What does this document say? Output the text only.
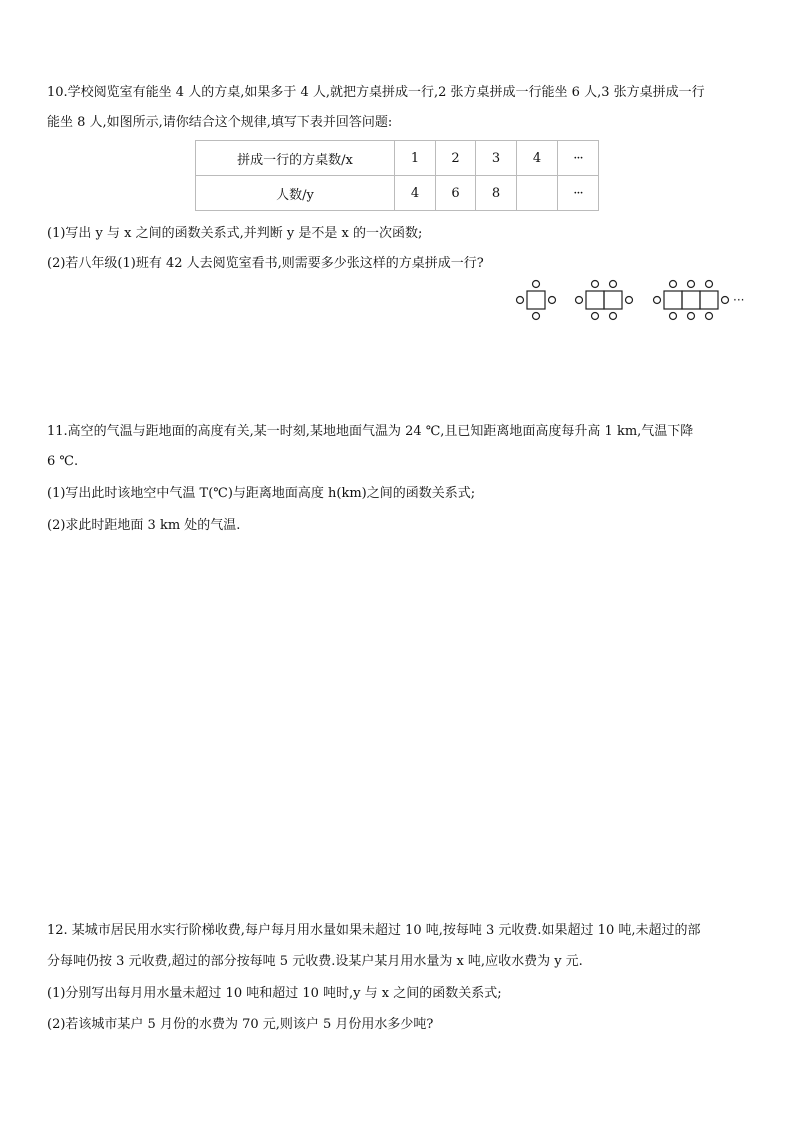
10.学校阅览室有能坐 4 人的方桌,如果多于 4 人,就把方桌拼成一行,2 张方桌拼成一行能坐 6 人,3 张方桌拼成一行
能坐 8 人,如图所示,请你结合这个规律,填写下表并回答问题:
拼成一行的方桌数/x	1	2	3	4	···
人数/y	4	6	8		···
(1)写出 y 与 x 之间的函数关系式,并判断 y 是不是 x 的一次函数;
(2)若八年级(1)班有 42 人去阅览室看书,则需要多少张这样的方桌拼成一行?
···
11.高空的气温与距地面的高度有关,某一时刻,某地地面气温为 24 ℃,且已知距离地面高度每升高 1 km,气温下降
6 ℃.
(1)写出此时该地空中气温 T(℃)与距离地面高度 h(km)之间的函数关系式;
(2)求此时距地面 3 km 处的气温.
12. 某城市居民用水实行阶梯收费,每户每月用水量如果未超过 10 吨,按每吨 3 元收费.如果超过 10 吨,未超过的部
分每吨仍按 3 元收费,超过的部分按每吨 5 元收费.设某户某月用水量为 x 吨,应收水费为 y 元.
(1)分别写出每月用水量未超过 10 吨和超过 10 吨时,y 与 x 之间的函数关系式;
(2)若该城市某户 5 月份的水费为 70 元,则该户 5 月份用水多少吨?
